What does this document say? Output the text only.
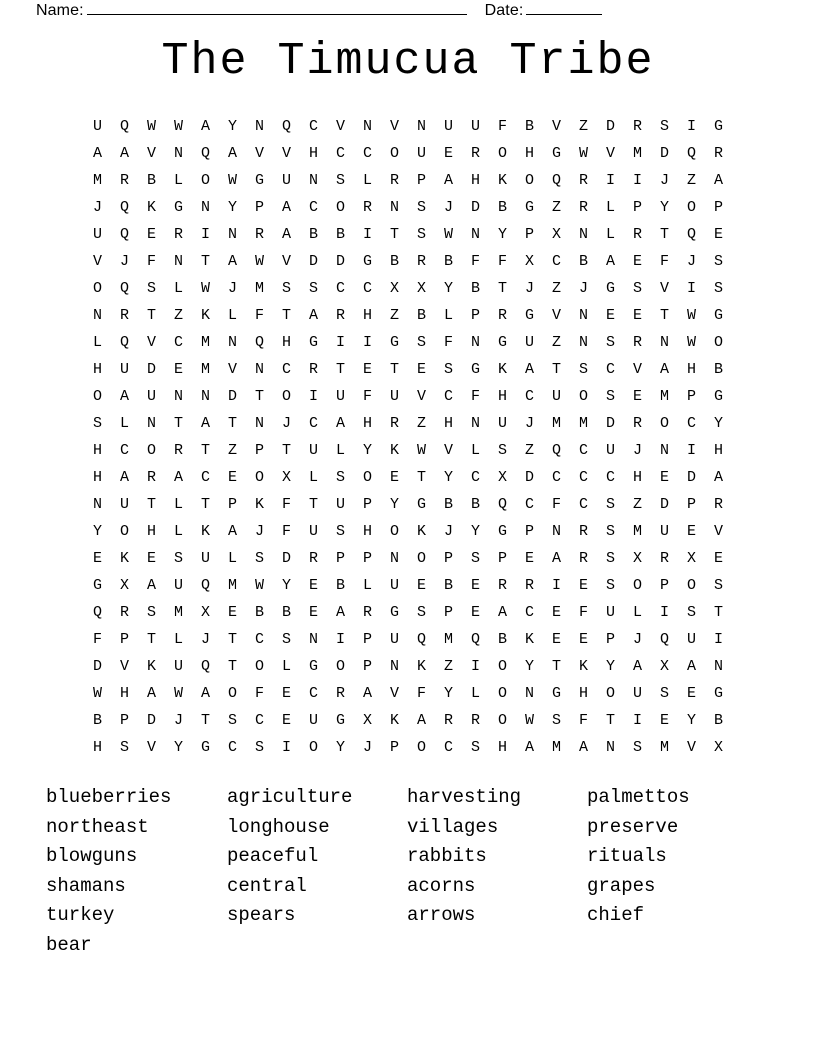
Name:	Date:
The Timucua Tribe
U	Q	W	W	A	Y	N	Q	C	V	N	V	N	U	U	F	B	V	Z	D	R	S	I	G
A	A	V	N	Q	A	V	V	H	C	C	O	U	E	R	O	H	G	W	V	M	D	Q	R
M	R	B	L	O	W	G	U	N	S	L	R	P	A	H	K	O	Q	R	I	I	J	Z	A
J	Q	K	G	N	Y	P	A	C	O	R	N	S	J	D	B	G	Z	R	L	P	Y	O	P
U	Q	E	R	I	N	R	A	B	B	I	T	S	W	N	Y	P	X	N	L	R	T	Q	E
V	J	F	N	T	A	W	V	D	D	G	B	R	B	F	F	X	C	B	A	E	F	J	S
O	Q	S	L	W	J	M	S	S	C	C	X	X	Y	B	T	J	Z	J	G	S	V	I	S
N	R	T	Z	K	L	F	T	A	R	H	Z	B	L	P	R	G	V	N	E	E	T	W	G
L	Q	V	C	M	N	Q	H	G	I	I	G	S	F	N	G	U	Z	N	S	R	N	W	O
H	U	D	E	M	V	N	C	R	T	E	T	E	S	G	K	A	T	S	C	V	A	H	B
O	A	U	N	N	D	T	O	I	U	F	U	V	C	F	H	C	U	O	S	E	M	P	G
S	L	N	T	A	T	N	J	C	A	H	R	Z	H	N	U	J	M	M	D	R	O	C	Y
H	C	O	R	T	Z	P	T	U	L	Y	K	W	V	L	S	Z	Q	C	U	J	N	I	H
H	A	R	A	C	E	O	X	L	S	O	E	T	Y	C	X	D	C	C	C	H	E	D	A
N	U	T	L	T	P	K	F	T	U	P	Y	G	B	B	Q	C	F	C	S	Z	D	P	R
Y	O	H	L	K	A	J	F	U	S	H	O	K	J	Y	G	P	N	R	S	M	U	E	V
E	K	E	S	U	L	S	D	R	P	P	N	O	P	S	P	E	A	R	S	X	R	X	E
G	X	A	U	Q	M	W	Y	E	B	L	U	E	B	E	R	R	I	E	S	O	P	O	S
Q	R	S	M	X	E	B	B	E	A	R	G	S	P	E	A	C	E	F	U	L	I	S	T
F	P	T	L	J	T	C	S	N	I	P	U	Q	M	Q	B	K	E	E	P	J	Q	U	I
D	V	K	U	Q	T	O	L	G	O	P	N	K	Z	I	O	Y	T	K	Y	A	X	A	N
W	H	A	W	A	O	F	E	C	R	A	V	F	Y	L	O	N	G	H	O	U	S	E	G
B	P	D	J	T	S	C	E	U	G	X	K	A	R	R	O	W	S	F	T	I	E	Y	B
H	S	V	Y	G	C	S	I	O	Y	J	P	O	C	S	H	A	M	A	N	S	M	V	X
blueberries
northeast
blowguns
shamans
turkey
bear
agriculture
longhouse
peaceful
central
spears

harvesting
villages
rabbits
acorns
arrows

palmettos
preserve
rituals
grapes
chief
